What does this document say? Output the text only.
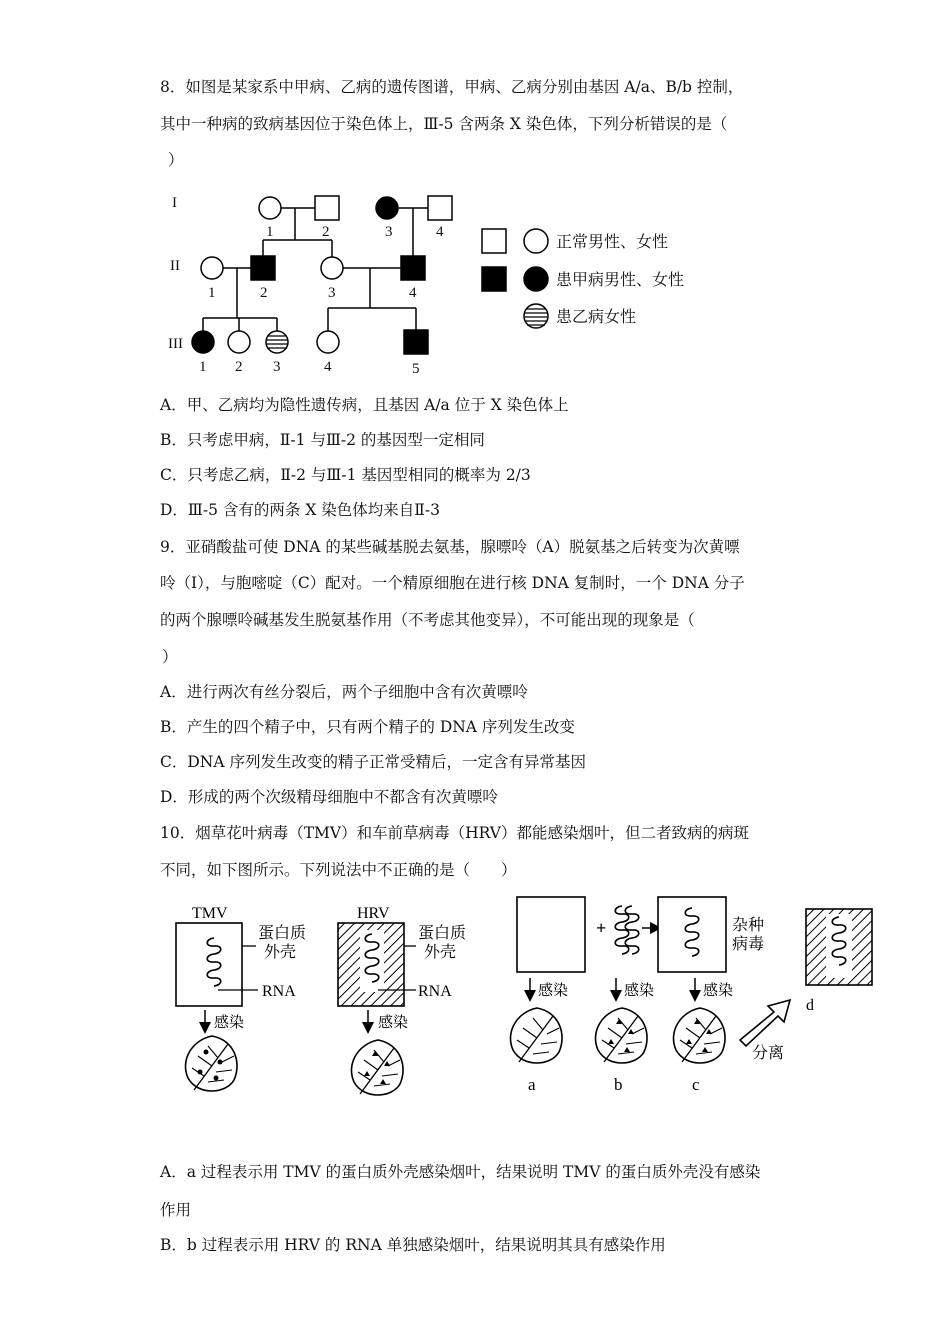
8．如图是某家系中甲病、乙病的遗传图谱，甲病、乙病分别由基因 A/a、B/b 控制，
其中一种病的致病基因位于染色体上，Ⅲ-5 含两条 X 染色体，下列分析错误的是（
）
I
II
III
1	2	3	4
1	2	3	4
1 2 3	4	5
正常男性、女性
患甲病男性、女性
患乙病女性
A．甲、乙病均为隐性遗传病，且基因 A/a 位于 X 染色体上
B．只考虑甲病，Ⅱ-1 与Ⅲ-2 的基因型一定相同
C．只考虑乙病，Ⅱ-2 与Ⅲ-1 基因型相同的概率为 2/3
D．Ⅲ-5 含有的两条 X 染色体均来自Ⅱ-3
9．亚硝酸盐可使 DNA 的某些碱基脱去氨基，腺嘌呤（A）脱氨基之后转变为次黄嘌
呤（I），与胞嘧啶（C）配对。一个精原细胞在进行核 DNA 复制时，一个 DNA 分子
的两个腺嘌呤碱基发生脱氨基作用（不考虑其他变异），不可能出现的现象是（
）
A．进行两次有丝分裂后，两个子细胞中含有次黄嘌呤
B．产生的四个精子中，只有两个精子的 DNA 序列发生改变
C．DNA 序列发生改变的精子正常受精后，一定含有异常基因
D．形成的两个次级精母细胞中不都含有次黄嘌呤
10．烟草花叶病毒（TMV）和车前草病毒（HRV）都能感染烟叶，但二者致病的病斑
不同，如下图所示。下列说法中不正确的是（　　）
TMV
蛋白质
外壳
RNA
感染
HRV
蛋白质
外壳
RNA
感染
+	杂种
病毒
d
感染	感染	感染
分离
a	b	c
A．a 过程表示用 TMV 的蛋白质外壳感染烟叶，结果说明 TMV 的蛋白质外壳没有感染
作用
B．b 过程表示用 HRV 的 RNA 单独感染烟叶，结果说明其具有感染作用
